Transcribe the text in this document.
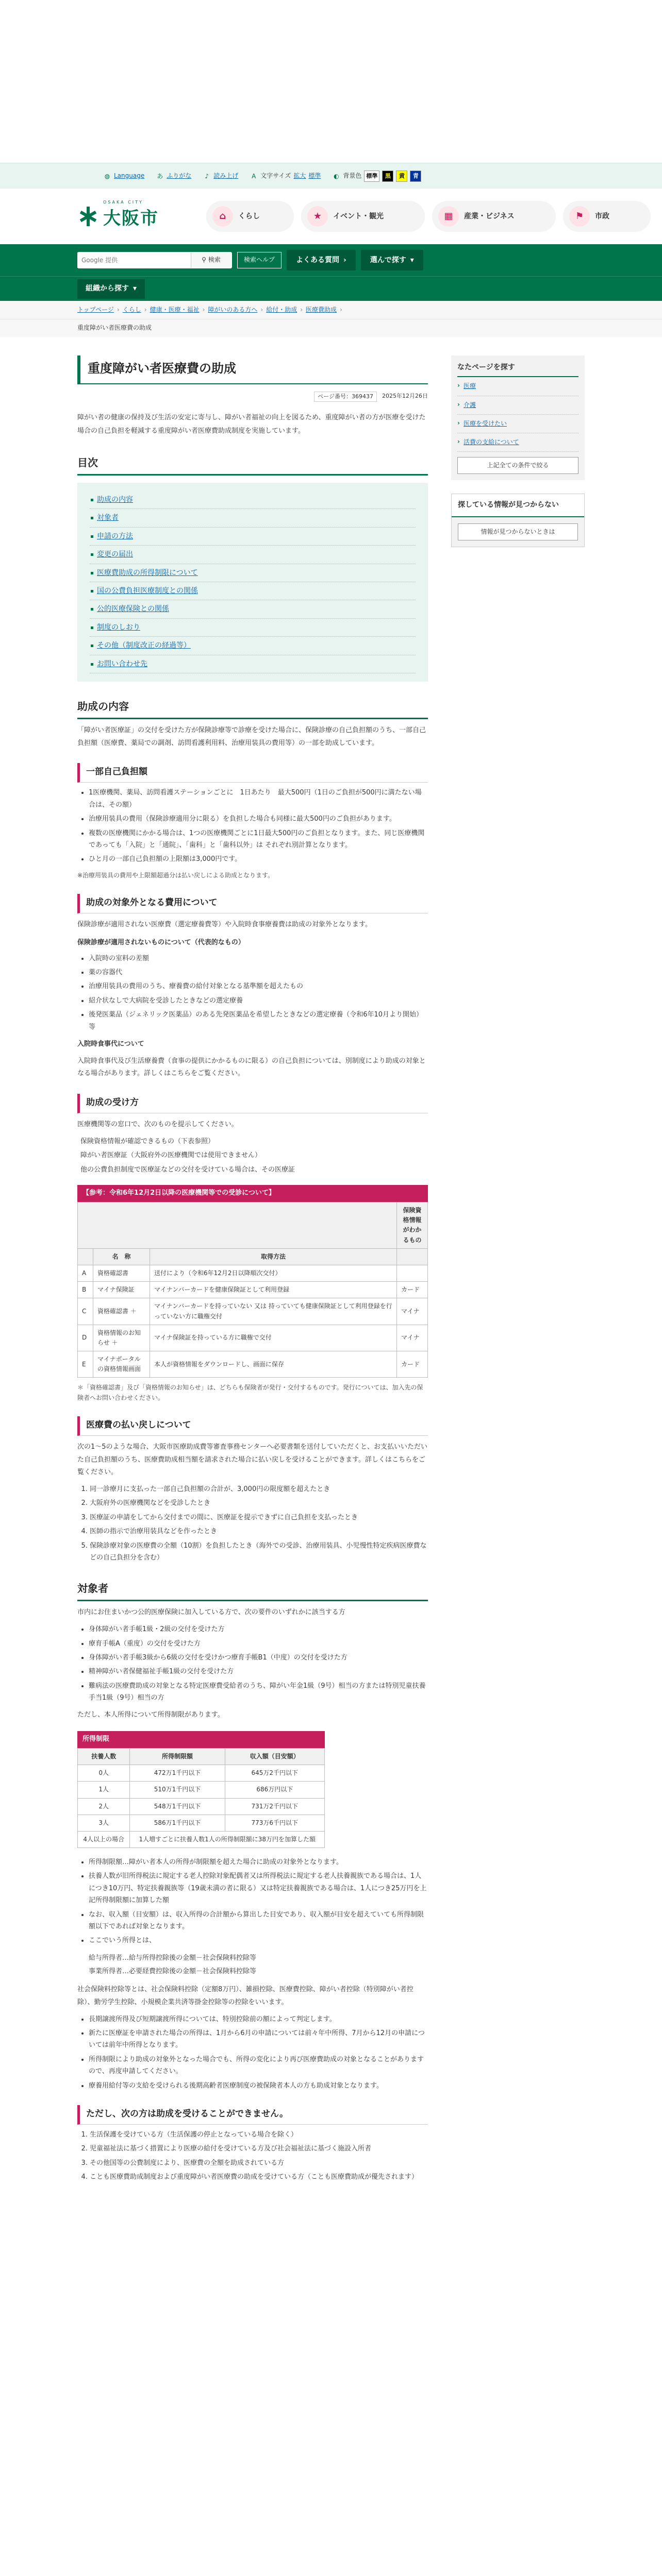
◍ Language あ ふりがな	♪ 読み上げ	A 文字サイズ 拡大 標準 ◐ 背景色 標準	黒	黄	青
OSAKA CITY
大阪市	⌂	くらし	★	イベント・観光	▦	産業・ビジネス	⚑	市政
Google 提供
⚲ 検索	検索ヘルプ	よくある質問 ›	選んで探す ▾
組織から探す ▾
トップページ › くらし › 健康・医療・福祉 › 障がいのある方へ › 給付・助成 › 医療費助成 ›
重度障がい者医療費の助成
重度障がい者医療費の助成
ページ番号：369437	2025年12月26日

障がい者の健康の保持及び生活の安定に寄与し、障がい者福祉の向上を図るため、重度障がい者の方が医療を受けた場合の自己負担を軽減する重度障がい者医療費助成制度を実施しています。

目次
助成の内容
対象者
申請の方法
変更の届出
医療費助成の所得制限について
国の公費負担医療制度との関係
公的医療保険との関係
制度のしおり
その他（制度改正の経過等）
お問い合わせ先
助成の内容

「障がい者医療証」の交付を受けた方が保険診療等で診療を受けた場合に、保険診療の自己負担額のうち、一部自己負担額（医療費、薬局での調剤、訪問看護利用料、治療用装具の費用等）の一部を助成しています。

一部自己負担額
• 1医療機関、薬局、訪問看護ステーションごとに　1日あたり　最大500円（1日のご負担が500円に満たない場合は、その額）
• 治療用装具の費用（保険診療適用分に限る）を負担した場合も同様に最大500円のご負担があります。
• 複数の医療機関にかかる場合は、1つの医療機関ごとに1日最大500円のご負担となります。また、同じ医療機関であっても「入院」と「通院」、「歯科」と「歯科以外」は それぞれ別計算となります。
• ひと月の一部自己負担額の上限額は3,000円です。

※治療用装具の費用や上限額超過分は払い戻しによる助成となります。

助成の対象外となる費用について

保険診療が適用されない医療費（選定療養費等）や入院時食事療養費は助成の対象外となります。

保険診療が適用されないものについて（代表的なもの）

• 入院時の室料の差額
• 薬の容器代
• 治療用装具の費用のうち、療養費の給付対象となる基準額を超えたもの
• 紹介状なしで大病院を受診したときなどの選定療養
• 後発医薬品（ジェネリック医薬品）のある先発医薬品を希望したときなどの選定療養（令和6年10月より開始）　等

入院時食事代について

入院時食事代及び生活療養費（食事の提供にかかるものに限る）の自己負担については、別制度により助成の対象となる場合があります。詳しくはこちらをご覧ください。

助成の受け方

医療機関等の窓口で、次のものを提示してください。

保険資格情報が確認できるもの（下表参照）
障がい者医療証（大阪府外の医療機関では使用できません）
他の公費負担制度で医療証などの交付を受けている場合は、その医療証
【参考：令和6年12月2日以降の医療機関等での受診について】
			保険資格情報がわかるもの
	名　称	取得方法	
A	資格確認書	送付により（令和6年12月2日以降順次交付）	
B	マイナ保険証	マイナンバーカードを健康保険証として利用登録	カード
C	資格確認書 ＋	マイナンバーカードを持っていない 又は 持っていても健康保険証として利用登録を行っていない方に職権交付	マイナ
D	資格情報のお知らせ ＋	マイナ保険証を持っている方に職権で交付	マイナ
E	マイナポータルの資格情報画面	本人が資格情報をダウンロードし、画面に保存	カード

＊「資格確認書」及び「資格情報のお知らせ」は、どちらも保険者が発行・交付するものです。発行については、加入先の保険者へお問い合わせください。

医療費の払い戻しについて

次の1～5のような場合、大阪市医療助成費等審査事務センターへ必要書類を送付していただくと、お支払いいただいた自己負担額のうち、医療費助成相当額を請求された場合に払い戻しを受けることができます。詳しくはこちらをご覧ください。

1. 同一診療月に支払った一部自己負担額の合計が、3,000円の限度額を超えたとき
2. 大阪府外の医療機関などを受診したとき
3. 医療証の申請をしてから交付までの間に、医療証を提示できずに自己負担を支払ったとき
4. 医師の指示で治療用装具などを作ったとき
5. 保険診療対象の医療費の全額（10割）を負担したとき（海外での受診、治療用装具、小児慢性特定疾病医療費などの自己負担分を含む）
対象者

市内にお住まいかつ公的医療保険に加入している方で、次の要件のいずれかに該当する方

• 身体障がい者手帳1級・2級の交付を受けた方
• 療育手帳A（重度）の交付を受けた方
• 身体障がい者手帳3級から6級の交付を受けかつ療育手帳B1（中度）の交付を受けた方
• 精神障がい者保健福祉手帳1級の交付を受けた方
• 難病法の医療費助成の対象となる特定医療費受給者のうち、障がい年金1級（9号）相当の方または特別児童扶養手当1級（9号）相当の方

ただし、本人所得について所得制限があります。

所得制限
扶養人数	所得制限額	収入額（目安額）
0人	472万1千円以下	645万2千円以下
1人	510万1千円以下	686万円以下
2人	548万1千円以下	731万2千円以下
3人	586万1千円以下	773万6千円以下
4人以上の場合	1人増すごとに扶養人数1人の所得制限額に38万円を加算した額	
• 所得制限額…障がい者本人の所得が制限額を超えた場合に助成の対象外となります。
• 扶養人数が旧所得税法に規定する老人控除対象配偶者又は所得税法に規定する老人扶養親族である場合は、1人につき10万円、特定扶養親族等（19歳未満の者に限る）又は特定扶養親族である場合は、1人につき25万円を上記所得制限額に加算した額
• なお、収入額（目安額）は、収入所得の合計額から算出した目安であり、収入額が目安を超えていても所得制限額以下であれば対象となります。
• ここでいう所得とは、

給与所得者…給与所得控除後の金額－社会保険料控除等

事業所得者…必要経費控除後の金額－社会保険料控除等

社会保険料控除等とは、社会保険料控除（定額8万円）、雑損控除、医療費控除、障がい者控除（特別障がい者控除）、勤労学生控除、小規模企業共済等掛金控除等の控除をいいます。

• 長期譲渡所得及び短期譲渡所得については、特別控除前の額によって判定します。
• 新たに医療証を申請された場合の所得は、1月から6月の申請については前々年中所得、7月から12月の申請については前年中所得となります。
• 所得制限により助成の対象外となった場合でも、所得の変化により再び医療費助成の対象となることがありますので、再度申請してください。
• 療養用給付等の支給を受けられる後期高齢者医療制度の被保険者本人の方も助成対象となります。
ただし、次の方は助成を受けることができません。
1. 生活保護を受けている方（生活保護の停止となっている場合を除く）
2. 児童福祉法に基づく措置により医療の給付を受けている方及び社会福祉法に基づく施設入所者
3. その他国等の公費制度により、医療費の全額を助成されている方
4. ことも医療費助成制度および重度障がい者医療費の助成を受けている方（ことも医療費助成が優先されます）
なたページを探す
› 医療
› 介護
› 医療を受けたい
› 活費の支給について
上記全ての条件で絞る
探している情報が見つからない
情報が見つからないときは
